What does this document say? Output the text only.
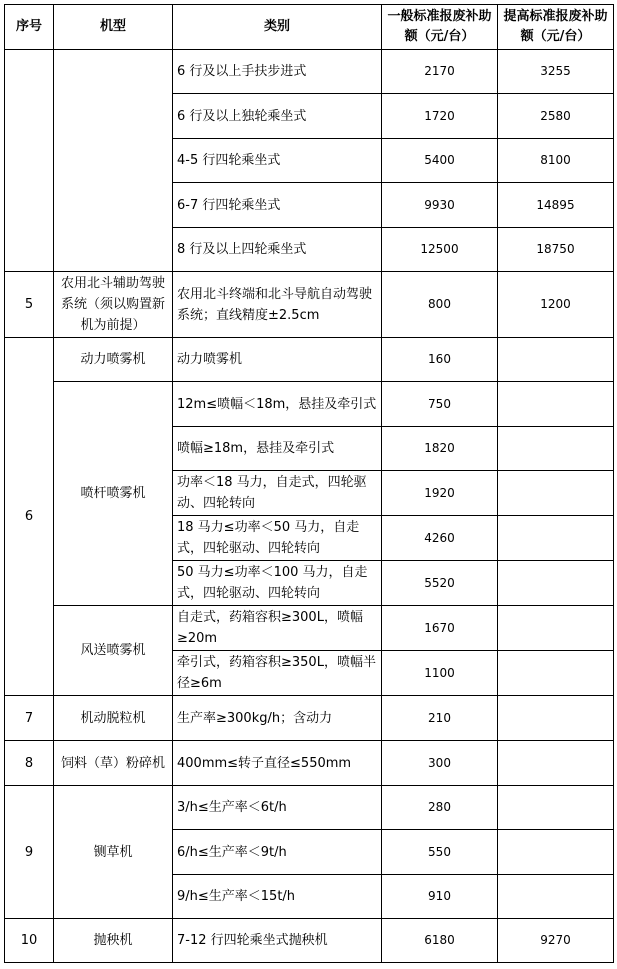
序号	机型	类别	一般标准报废补助额（元/台）	提高标准报废补助额（元/台）
		6 行及以上手扶步进式	2170	3255
		6 行及以上独轮乘坐式	1720	2580
		4-5 行四轮乘坐式	5400	8100
		6-7 行四轮乘坐式	9930	14895
		8 行及以上四轮乘坐式	12500	18750
5	农用北斗辅助驾驶系统（须以购置新机为前提）	农用北斗终端和北斗导航自动驾驶系统；直线精度±2.5cm	800	1200
6	动力喷雾机	动力喷雾机	160	
	喷杆喷雾机	12m≤喷幅＜18m，悬挂及牵引式	750	
		喷幅≥18m，悬挂及牵引式	1820	
		功率＜18 马力，自走式，四轮驱动、四轮转向	1920	
		18 马力≤功率＜50 马力，自走式，四轮驱动、四轮转向	4260	
		50 马力≤功率＜100 马力，自走式，四轮驱动、四轮转向	5520	
	风送喷雾机	自走式，药箱容积≥300L，喷幅≥20m	1670	
		牵引式，药箱容积≥350L，喷幅半径≥6m	1100	
7	机动脱粒机	生产率≥300kg/h；含动力	210	
8	饲料（草）粉碎机	400mm≤转子直径≤550mm	300	
9	铡草机	3/h≤生产率＜6t/h	280	
		6/h≤生产率＜9t/h	550	
		9/h≤生产率＜15t/h	910	
10	抛秧机	7-12 行四轮乘坐式抛秧机	6180	9270
